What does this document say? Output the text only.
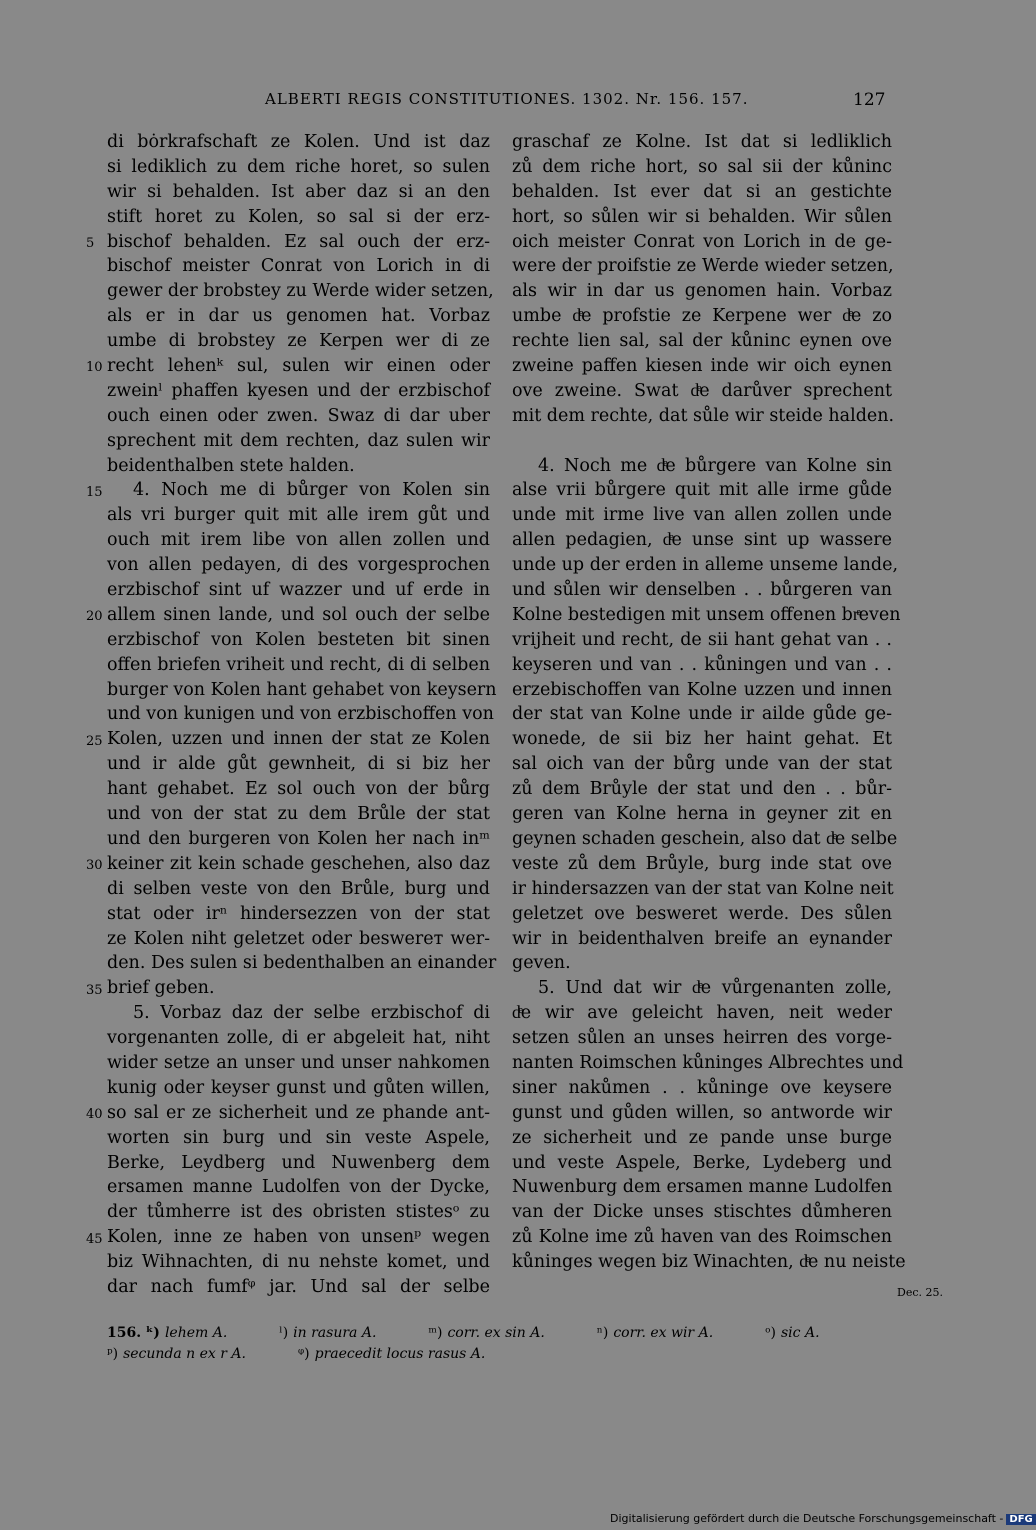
ALBERTI REGIS CONSTITUTIONES. 1302. Nr. 156. 157.	127
di bȯrkrafschaft ze Kolen. Und ist daz
si lediklich zu dem riche horet, so sulen
wir si behalden. Ist aber daz si an den
stift horet zu Kolen, so sal si der erz-
bischof behalden. Ez sal ouch der erz-
bischof meister Conrat von Lorich in di
gewer der brobstey zu Werde wider setzen,
als er in dar us genomen hat. Vorbaz
umbe di brobstey ze Kerpen wer di ze
recht lehenᵏ sul, sulen wir einen oder
zweinˡ phaffen kyesen und der erzbischof
ouch einen oder zwen. Swaz di dar uber
sprechent mit dem rechten, daz sulen wir
beidenthalben stete halden.
4. Noch me di bůrger von Kolen sin
als vri burger quit mit alle irem gůt und
ouch mit irem libe von allen zollen und
von allen pedayen, di des vorgesprochen
erzbischof sint uf wazzer und uf erde in
allem sinen lande, und sol ouch der selbe
erzbischof von Kolen besteten bit sinen
offen briefen vriheit und recht, di di selben
burger von Kolen hant gehabet von keysern
und von kunigen und von erzbischoffen von
Kolen, uzzen und innen der stat ze Kolen
und ir alde gůt gewnheit, di si biz her
hant gehabet. Ez sol ouch von der bůrg
und von der stat zu dem Brůle der stat
und den burgeren von Kolen her nach inᵐ
keiner zit kein schade geschehen, also daz
di selben veste von den Brůle, burg und
stat oder irⁿ hindersezzen von der stat
ze Kolen niht geletzet oder beswerет wer-
den. Des sulen si bedenthalben an einander
brief geben.
5. Vorbaz daz der selbe erzbischof di
vorgenanten zolle, di er abgeleit hat, niht
wider setze an unser und unser nahkomen
kunig oder keyser gunst und gůten willen,
so sal er ze sicherheit und ze phande ant-
worten sin burg und sin veste Aspele,
Berke, Leydberg und Nuwenberg dem
ersamen manne Ludolfen von der Dycke,
der tůmherre ist des obristen stistesᵒ zu
Kolen, inne ze haben von unsenᵖ wegen
biz Wihnachten, di nu nehste komet, und
dar nach fumfᵠ jar. Und sal der selbe
graschaf ze Kolne. Ist dat si ledliklich
zů dem riche hort, so sal sii der kůninc
behalden. Ist ever dat si an gestichte
hort, so sůlen wir si behalden. Wir sůlen
oich meister Conrat von Lorich in de ge-
were der proifstie ze Werde wieder setzen,
als wir in dar us genomen hain. Vorbaz
umbe dͤe profstie ze Kerpene wer dͤe zo
rechte lien sal, sal der kůninc eynen ove
zweine paffen kiesen inde wir oich eynen
ove zweine. Swat dͤe darůver sprechent
mit dem rechte, dat sůle wir steide halden.
4. Noch me dͤe bůrgere van Kolne sin
alse vrii bůrgere quit mit alle irme gůde
unde mit irme live van allen zollen unde
allen pedagien, dͤe unse sint up wassere
unde up der erden in alleme unseme lande,
und sůlen wir denselben . . bůrgeren van
Kolne bestedigen mit unsem offenen brͤeven
vrijheit und recht, de sii hant gehat van . .
keyseren und van . . kůningen und van . .
erzebischoffen van Kolne uzzen und innen
der stat van Kolne unde ir ailde gůde ge-
wonede, de sii biz her haint gehat. Et
sal oich van der bůrg unde van der stat
zů dem Brůyle der stat und den . . bůr-
geren van Kolne herna in geyner zit en
geynen schaden geschein, also dat dͤe selbe
veste zů dem Brůyle, burg inde stat ove
ir hindersazzen van der stat van Kolne neit
geletzet ove besweret werde. Des sůlen
wir in beidenthalven breife an eynander
geven.
5. Und dat wir dͤe vůrgenanten zolle,
dͤe wir ave geleicht haven, neit weder
setzen sůlen an unses heirren des vorge-
nanten Roimschen kůninges Albrechtes und
siner nakůmen . . kůninge ove keysere
gunst und gůden willen, so antworde wir
ze sicherheit und ze pande unse burge
und veste Aspele, Berke, Lydeberg und
Nuwenburg dem ersamen manne Ludolfen
van der Dicke unses stischtes důmheren
zů Kolne ime zů haven van des Roimschen
kůninges wegen biz Winachten, dͤe nu neiste
Dec. 25.
156. ᵏ) lehem A.	ˡ) in rasura A.	ᵐ) corr. ex sin A.	ⁿ) corr. ex wir A.	ᵒ) sic A.
ᵖ) secunda n ex r A.	ᵠ) praecedit locus rasus A.
Digitalisierung gefördert durch die Deutsche Forschungsgemeinschaft - DFG
5
10
15
20
25
30
35
40
45
